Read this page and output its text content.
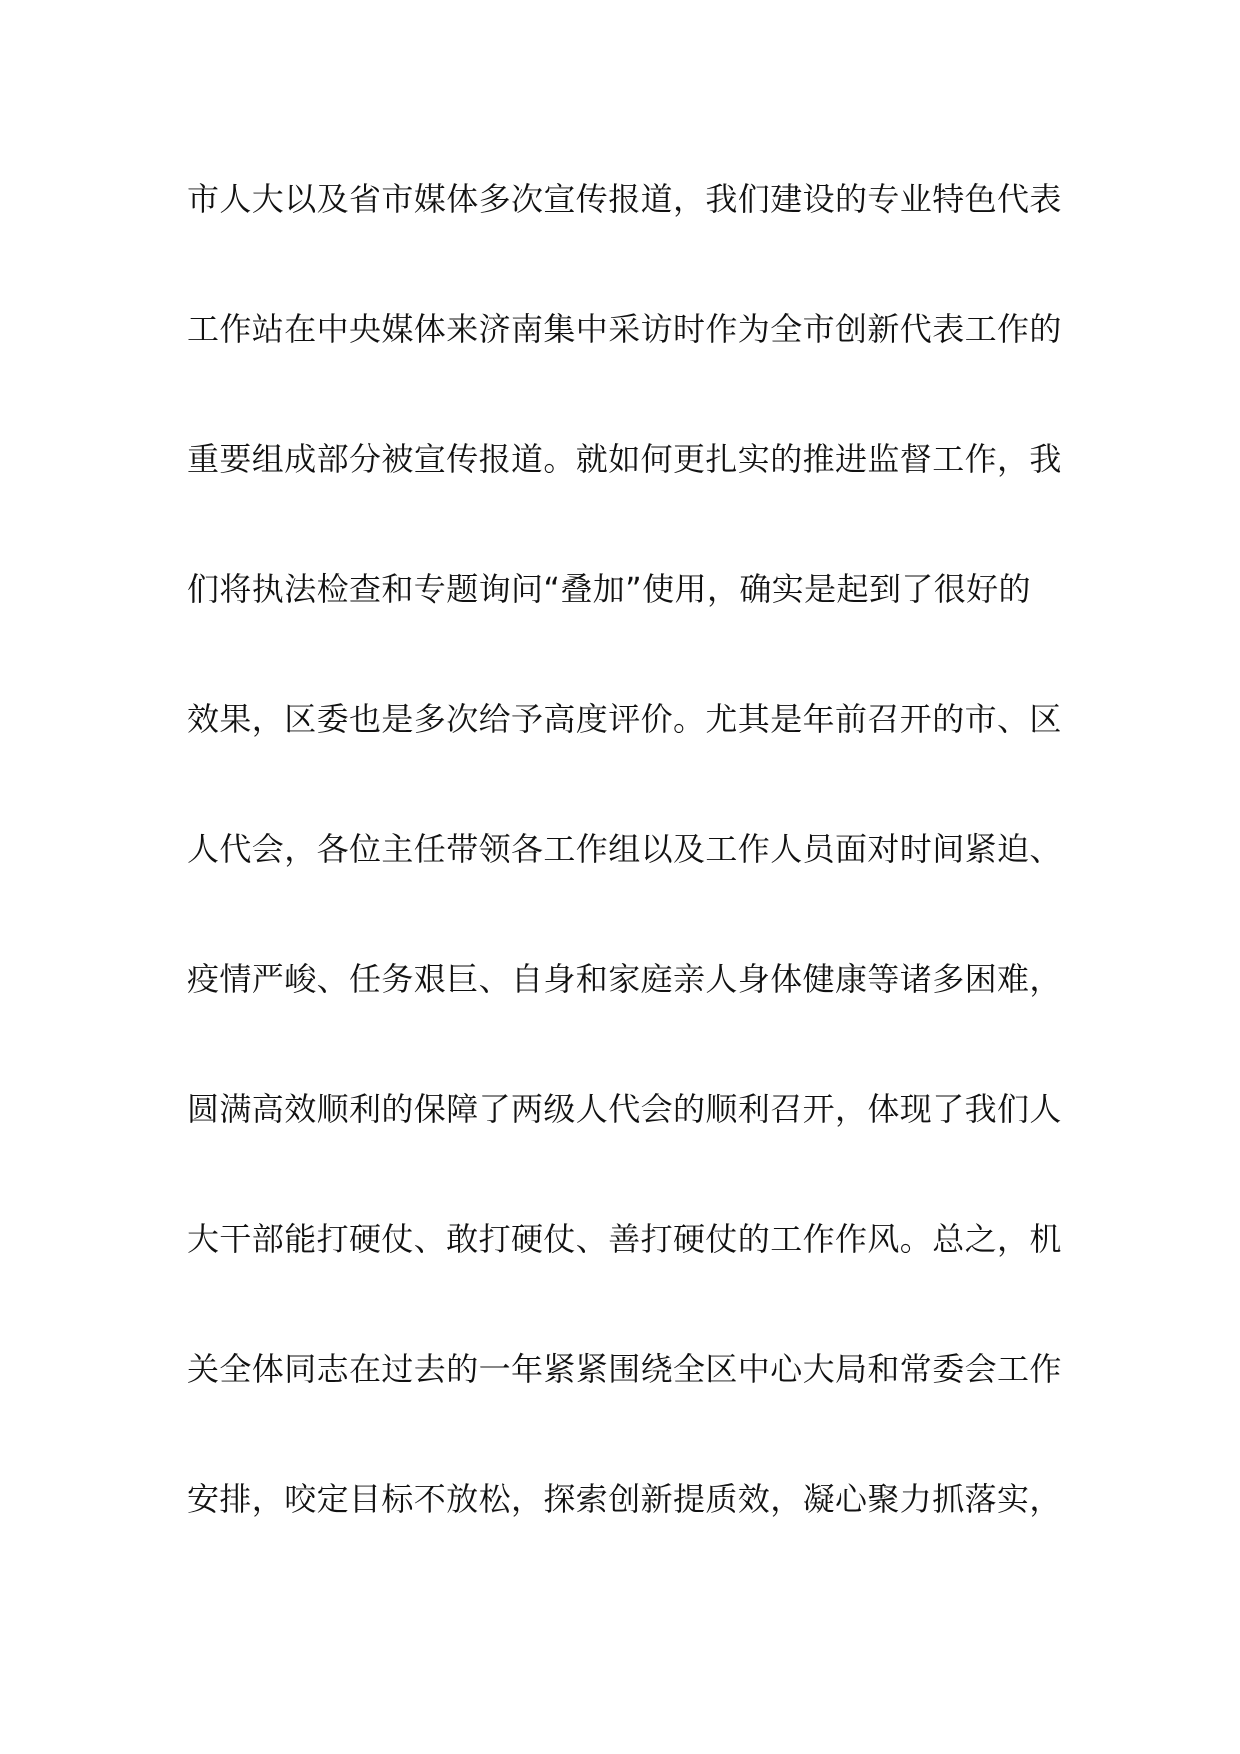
市人大以及省市媒体多次宣传报道，我们建设的专业特色代表
工作站在中央媒体来济南集中采访时作为全市创新代表工作的
重要组成部分被宣传报道。就如何更扎实的推进监督工作，我
们将执法检查和专题询问“叠加”使用，确实是起到了很好的
效果，区委也是多次给予高度评价。尤其是年前召开的市、区
人代会，各位主任带领各工作组以及工作人员面对时间紧迫、
疫情严峻、任务艰巨、自身和家庭亲人身体健康等诸多困难，
圆满高效顺利的保障了两级人代会的顺利召开，体现了我们人
大干部能打硬仗、敢打硬仗、善打硬仗的工作作风。总之，机
关全体同志在过去的一年紧紧围绕全区中心大局和常委会工作
安排，咬定目标不放松，探索创新提质效，凝心聚力抓落实，
